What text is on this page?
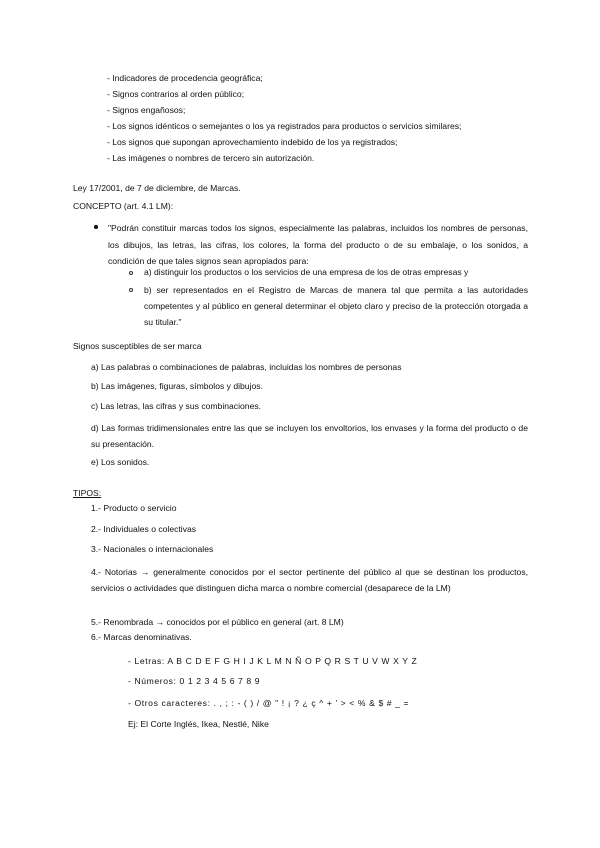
- Indicadores de procedencia geográfica;
- Signos contrarios al orden público;
- Signos engañosos;
- Los signos idénticos o semejantes o los ya registrados para productos o servicios similares;
- Los signos que supongan aprovechamiento indebido de los ya registrados;
- Las imágenes o nombres de tercero sin autorización.
Ley 17/2001, de 7 de diciembre, de Marcas.
CONCEPTO (art. 4.1 LM):
"Podrán constituir marcas todos los signos, especialmente las palabras, incluidos los nombres de personas, los dibujos, las letras, las cifras, los colores, la forma del producto o de su embalaje, o los sonidos, a condición de que tales signos sean apropiados para:
a) distinguir los productos o los servicios de una empresa de los de otras empresas y
b) ser representados en el Registro de Marcas de manera tal que permita a las autoridades competentes y al público en general determinar el objeto claro y preciso de la protección otorgada a su titular."
Signos susceptibles de ser marca
a) Las palabras o combinaciones de palabras, incluidas los nombres de personas
b) Las imágenes, figuras, símbolos y dibujos.
c) Las letras, las cifras y sus combinaciones.
d) Las formas tridimensionales entre las que se incluyen los envoltorios, los envases y la forma del producto o de su presentación.
e) Los sonidos.
TIPOS:
1.- Producto o servicio
2.- Individuales o colectivas
3.- Nacionales o internacionales
4.- Notorias → generalmente conocidos por el sector pertinente del público al que se destinan los productos, servicios o actividades que distinguen dicha marca o nombre comercial (desaparece de la LM)
5.- Renombrada → conocidos por el público en general (art. 8 LM)
6.- Marcas denominativas.
- Letras: A B C D E F G H I J K L M N Ñ O P Q R S T U V W X Y Z
- Números: 0 1 2 3 4 5 6 7 8 9
- Otros caracteres: . , ; : - ( ) / @ " ! ¡ ? ¿ ç ^ + ' > < % & $ # _ =
Ej: El Corte Inglés, Ikea, Nestlé, Nike
